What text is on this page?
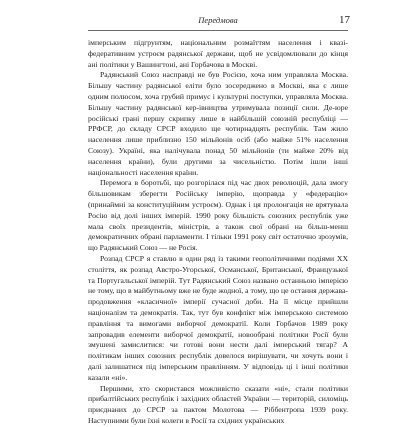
Передмова	17

імперським підгрунтям, національним розмаїттям населення і квазі-федеративним устроєм радянської держави, щоб не усвідомлювали до кінця ані політики у Вашингтоні, ані Горбачова в Москві.

Радянський Союз насправді не був Росією, хоча ним управляла Москва. Більшу частину радянської еліти було зосереджено в Москві, яка є лише одним полюсом, хоча грубий примус і культурні поступки, управляла Москва. Більшу частину радянської кер-івництва утримувала позиції сили. Де-юре російські гранi першу скрипку лише в найбільшій союзній республіці — РРФСР, до складу СРСР входило ще чотирнадцять республік. Там жило населення лише приблизно 150 мільйонів осіб (або майже 51% населення Союзу). Україні, яка налічувала понад 50 мільйонів (ти майже 20% від населення країни), були другими за чисельністю. Потім ішли інші національності населення країни.

Перемога в боротьбі, що розгорілася під час двох революцій, дала змогу більшовикам зберегти Російську імперію, щоправда у «федерацію» (принаймні за конституційним устроєм). Однак і ця пролонгація не врятувала Росію від долі інших імперій. 1990 року більшість союзних республік уже мала своїх президентів, міністрів, а також свої обрані на більш-менш демократичних обранi парламенти. І тільки 1991 року світ остаточно зрозумів, що Радянський Союз — не Росія.

Розпад СРСР я ставлю в один ряд із такими геополітичними подіями XX століття, як розпад Австро-Угорської, Османської, Британської, Французької та Португальської імперій. Тут Радянський Союз названо останньою імперією не тому, що в майбутньому вже не буде жодної, а тому, що це остання держава-продовження «класичної» імперії сучасної доби. На її місце прийшли націоналізм та демократія. Так, тут був конфлікт між імперською системою правління та вимогами виборчої демократії. Коли Горбачов 1989 року запровадив елементи виборчої демократії, новообрані політики Росії були змушені замислитися: чи готові вони нести далі імперський тягар? А політикам інших союзних республік довелося вирішувати, чи хочуть вони і далі залишатися під імперським правлінням. У відповідь ці і інші політики казали «ні».

Першими, хто скористався можливістю сказати «ні», стали політики прибалтійських республік і західних областей України — територій, силоміць приєднаних до СРСР за пактом Молотова — Ріббентропа 1939 року. Наступними були їхні колеги в Росії та східних українських
